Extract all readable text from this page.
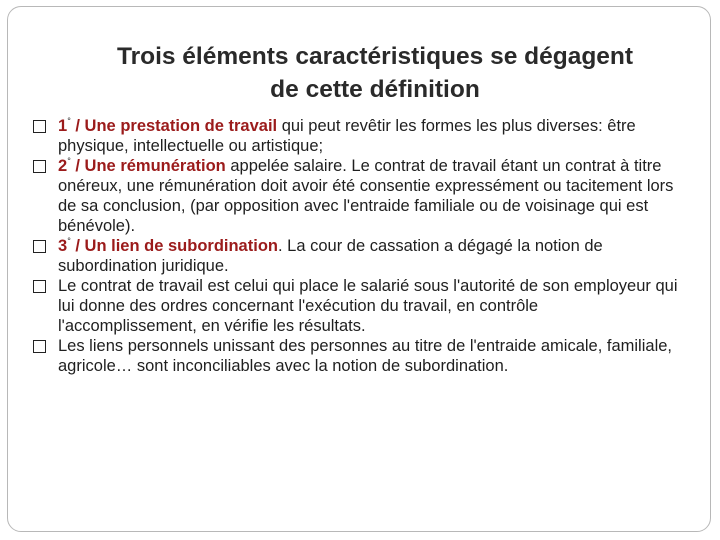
Trois éléments caractéristiques se dégagent
de cette définition
1° / Une prestation de travail qui peut revêtir les formes les plus diverses: être physique, intellectuelle ou artistique;
2° / Une rémunération appelée salaire. Le contrat de travail étant un contrat à titre onéreux, une rémunération doit avoir été consentie expressément ou tacitement lors de sa conclusion, (par opposition avec l'entraide familiale ou de voisinage qui est bénévole).
3° / Un lien de subordination. La cour de cassation a dégagé la notion de subordination juridique.
Le contrat de travail est celui qui place le salarié sous l'autorité de son employeur qui lui donne des ordres concernant l'exécution du travail, en contrôle l'accomplissement, en vérifie les résultats.
Les liens personnels unissant des personnes au titre de l'entraide amicale, familiale, agricole… sont inconciliables avec la notion de subordination.
